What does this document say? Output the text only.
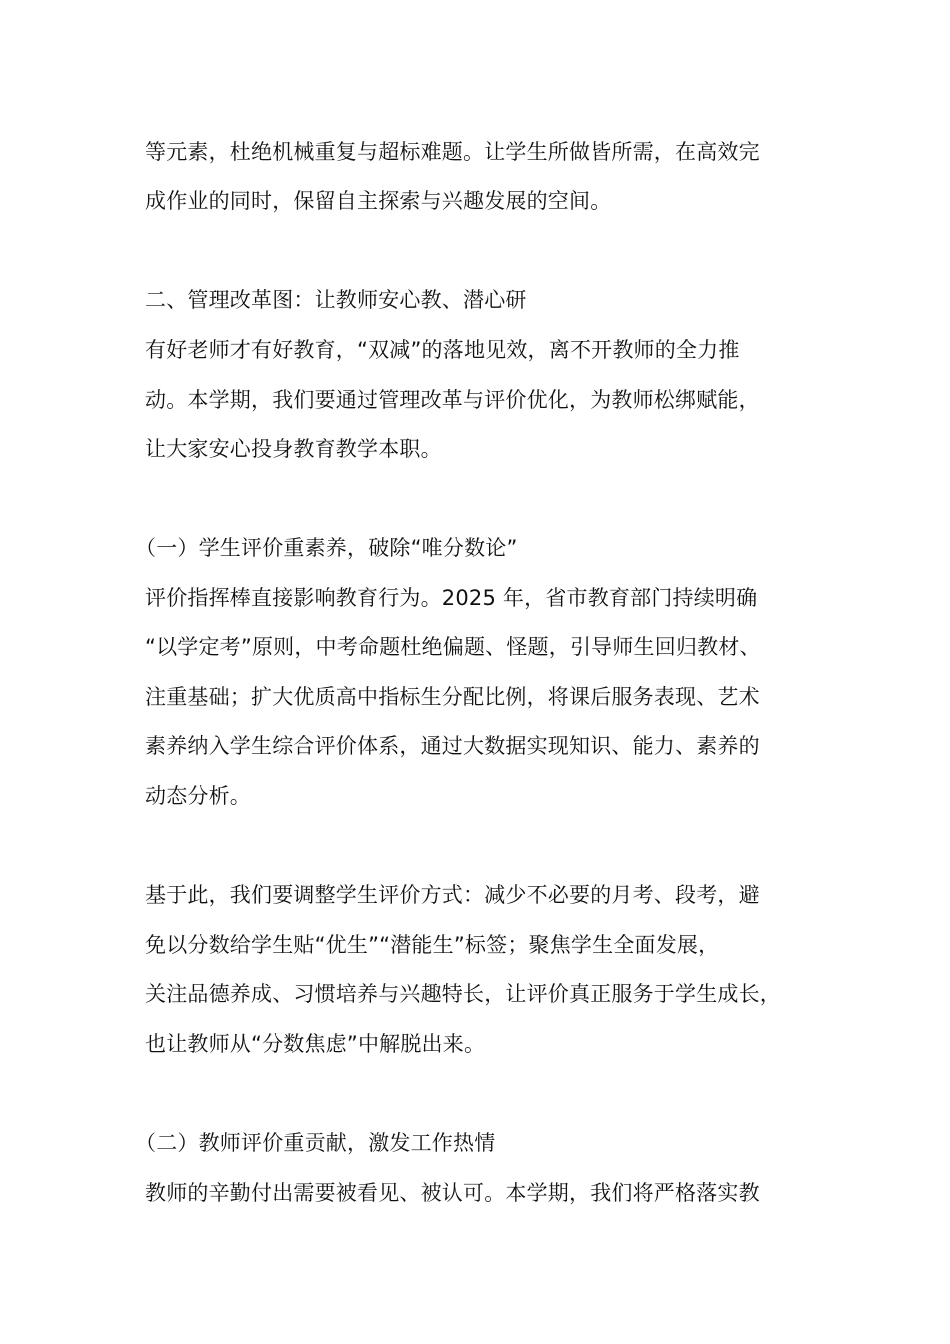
等元素，杜绝机械重复与超标难题。让学生所做皆所需，在高效完
成作业的同时，保留自主探索与兴趣发展的空间。
二、管理改革图：让教师安心教、潜心研
有好老师才有好教育，“双减”的落地见效，离不开教师的全力推
动。本学期，我们要通过管理改革与评价优化，为教师松绑赋能，
让大家安心投身教育教学本职。
（一）学生评价重素养，破除“唯分数论”
评价指挥棒直接影响教育行为。2025 年，省市教育部门持续明确
“以学定考”原则，中考命题杜绝偏题、怪题，引导师生回归教材、
注重基础；扩大优质高中指标生分配比例，将课后服务表现、艺术
素养纳入学生综合评价体系，通过大数据实现知识、能力、素养的
动态分析。
基于此，我们要调整学生评价方式：减少不必要的月考、段考，避
免以分数给学生贴“优生”“潜能生”标签；聚焦学生全面发展，
关注品德养成、习惯培养与兴趣特长，让评价真正服务于学生成长，
也让教师从“分数焦虑”中解脱出来。
（二）教师评价重贡献，激发工作热情
教师的辛勤付出需要被看见、被认可。本学期，我们将严格落实教
